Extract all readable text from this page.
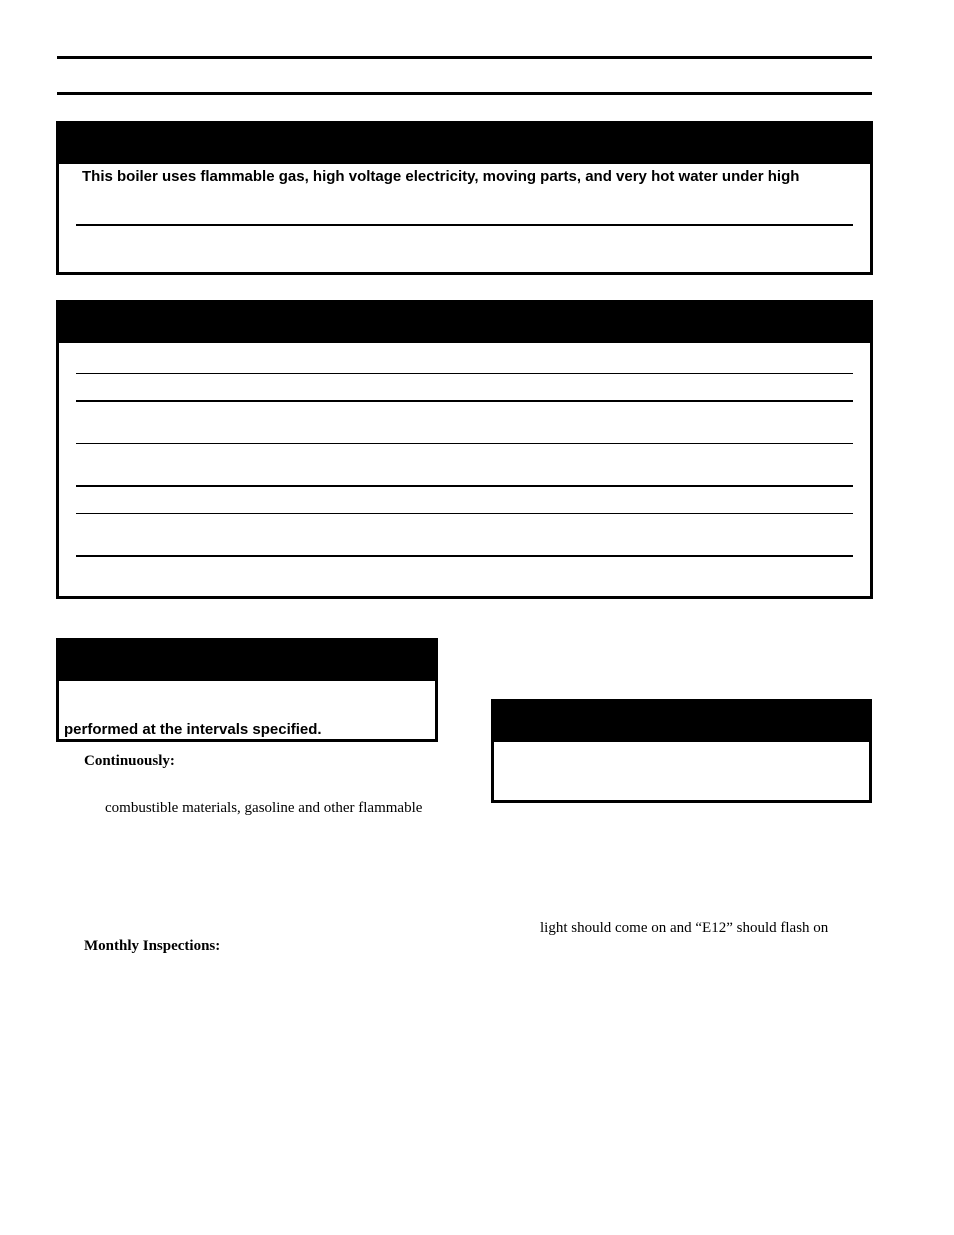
This boiler uses flammable gas, high voltage electricity, moving parts, and very hot water under high
performed at the intervals specified.
Continuously:
combustible materials, gasoline and other flammable
Monthly Inspections:
light should come on and “E12” should flash on
